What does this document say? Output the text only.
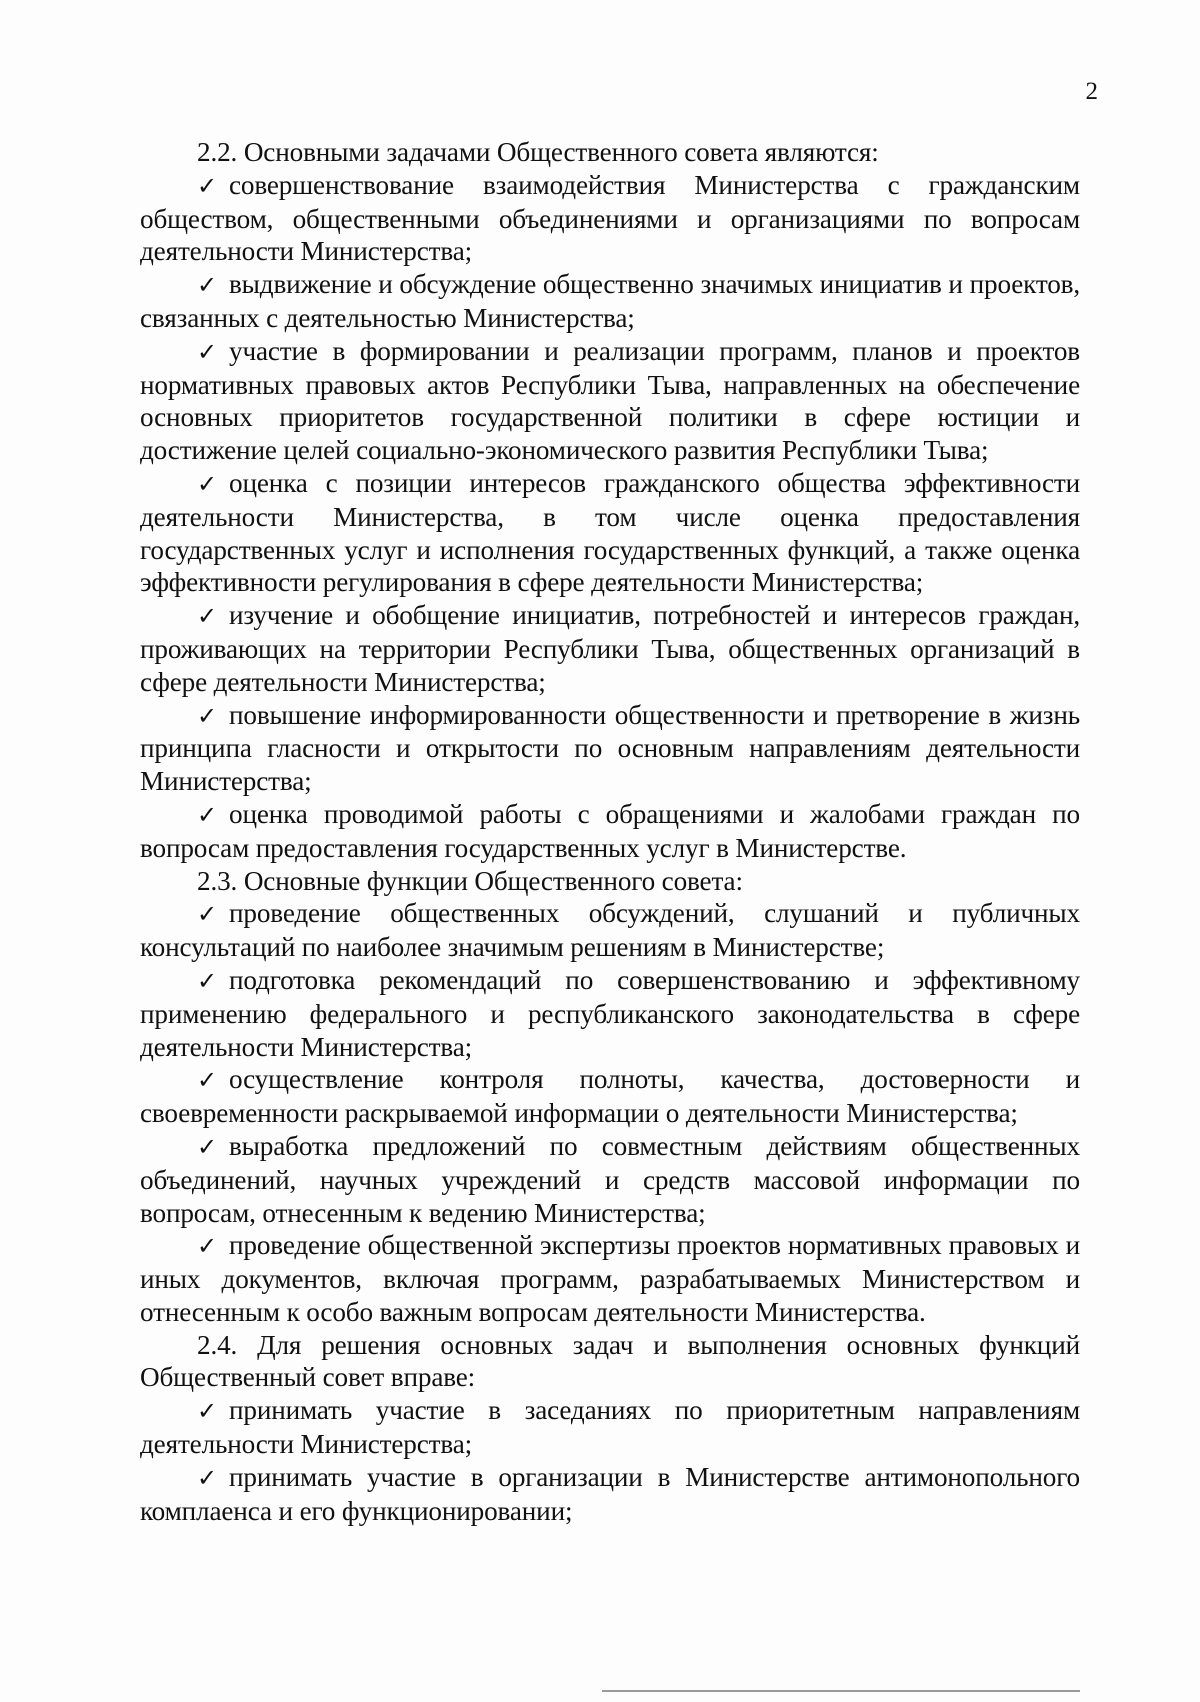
2

2.2. Основными задачами Общественного совета являются:

✓ совершенствование взаимодействия Министерства с гражданским обществом, общественными объединениями и организациями по вопросам деятельности Министерства;

✓ выдвижение и обсуждение общественно значимых инициатив и проектов, связанных с деятельностью Министерства;

✓ участие в формировании и реализации программ, планов и проектов нормативных правовых актов Республики Тыва, направленных на обеспечение основных приоритетов государственной политики в сфере юстиции и достижение целей социально-экономического развития Республики Тыва;

✓ оценка с позиции интересов гражданского общества эффективности деятельности Министерства, в том числе оценка предоставления государственных услуг и исполнения государственных функций, а также оценка эффективности регулирования в сфере деятельности Министерства;

✓ изучение и обобщение инициатив, потребностей и интересов граждан, проживающих на территории Республики Тыва, общественных организаций в сфере деятельности Министерства;

✓ повышение информированности общественности и претворение в жизнь принципа гласности и открытости по основным направлениям деятельности Министерства;

✓ оценка проводимой работы с обращениями и жалобами граждан по вопросам предоставления государственных услуг в Министерстве.

2.3. Основные функции Общественного совета:

✓ проведение общественных обсуждений, слушаний и публичных консультаций по наиболее значимым решениям в Министерстве;

✓ подготовка рекомендаций по совершенствованию и эффективному применению федерального и республиканского законодательства в сфере деятельности Министерства;

✓ осуществление контроля полноты, качества, достоверности и своевременности раскрываемой информации о деятельности Министерства;

✓ выработка предложений по совместным действиям общественных объединений, научных учреждений и средств массовой информации по вопросам, отнесенным к ведению Министерства;

✓ проведение общественной экспертизы проектов нормативных правовых и иных документов, включая программ, разрабатываемых Министерством и отнесенным к особо важным вопросам деятельности Министерства.

2.4. Для решения основных задач и выполнения основных функций Общественный совет вправе:

✓ принимать участие в заседаниях по приоритетным направлениям деятельности Министерства;

✓ принимать участие в организации в Министерстве антимонопольного комплаенса и его функционировании;
